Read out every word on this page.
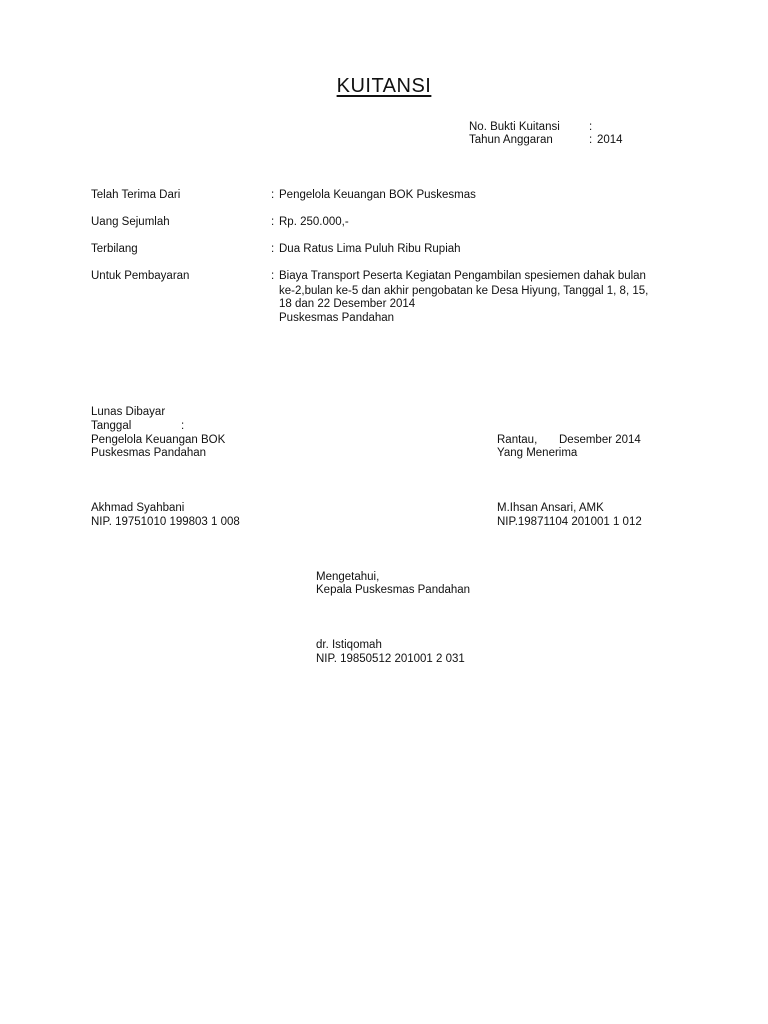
KUITANSI
No. Bukti Kuitansi	:
Tahun Anggaran	: 2014
Telah Terima Dari	: Pengelola Keuangan BOK Puskesmas
Uang Sejumlah	: Rp. 250.000,-
Terbilang	: Dua Ratus Lima Puluh Ribu Rupiah
Untuk Pembayaran	: Biaya Transport Peserta Kegiatan Pengambilan spesiemen dahak bulan
ke-2,bulan ke-5 dan akhir pengobatan ke Desa Hiyung, Tanggal 1, 8, 15,
18 dan 22 Desember 2014
Puskesmas Pandahan
Lunas Dibayar
Tanggal	:
Pengelola Keuangan BOK
Puskesmas Pandahan
Akhmad Syahbani
NIP. 19751010 199803 1 008
Rantau, Desember 2014
Yang Menerima
M.Ihsan Ansari, AMK
NIP.19871104 201001 1 012
Mengetahui,
Kepala Puskesmas Pandahan
dr. Istiqomah
NIP. 19850512 201001 2 031
